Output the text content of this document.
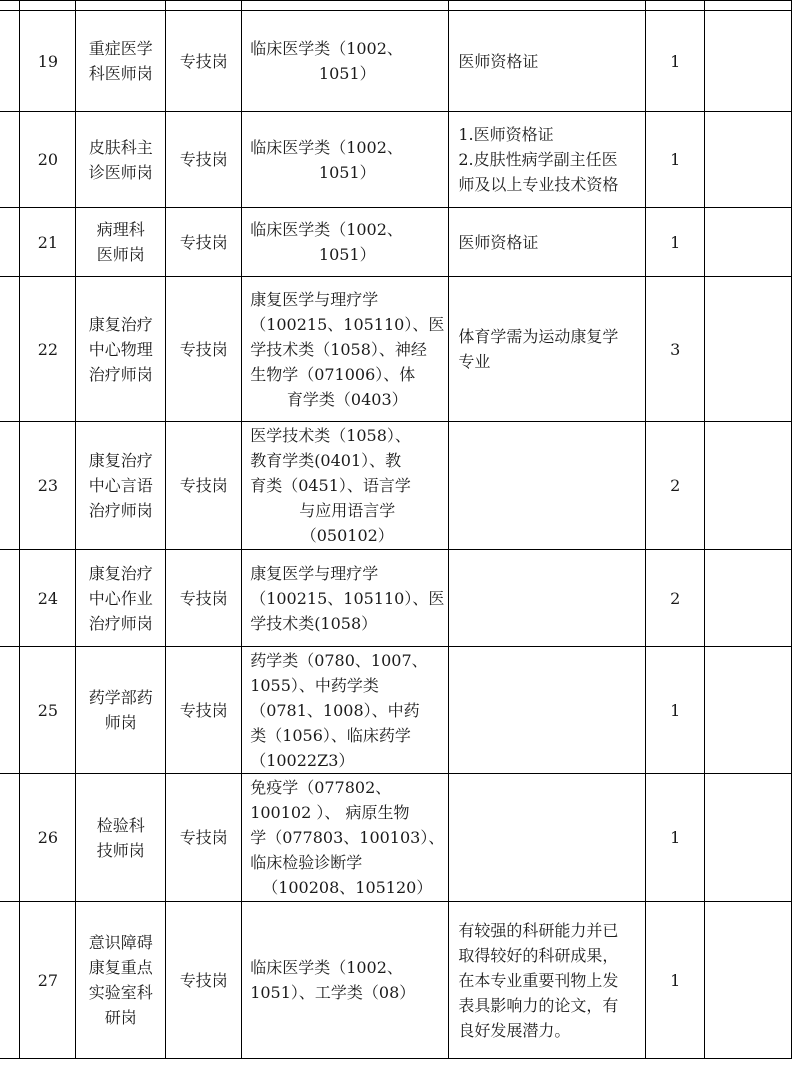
	19	重症医学
科医师岗	专技岗	临床医学类（1002、
1051）	医师资格证	1	

	20	皮肤科主
诊医师岗	专技岗	临床医学类（1002、
1051）	1.医师资格证
2.皮肤性病学副主任医
师及以上专业技术资格	1	

	21	病理科
医师岗	专技岗	临床医学类（1002、
1051）	医师资格证	1	

	22	康复治疗
中心物理
治疗师岗	专技岗	康复医学与理疗学
（100215、105110）、医
学技术类（1058）、神经
生物学（071006）、体
育学类（0403）	体育学需为运动康复学
专业	3	

	23	康复治疗
中心言语
治疗师岗	专技岗	医学技术类（1058）、
教育学类(0401）、教
育类（0451）、语言学
与应用语言学
（050102）		2	

	24	康复治疗
中心作业
治疗师岗	专技岗	康复医学与理疗学
（100215、105110）、医
学技术类(1058）		2	

	25	药学部药
师岗	专技岗	药学类（0780、1007、
1055）、中药学类
（0781、1008）、中药
类（1056）、临床药学
（10022Z3）		1	

	26	检验科
技师岗	专技岗	免疫学（077802、
100102 ）、 病原生物
学（077803、100103）、
临床检验诊断学
（100208、105120）		1	

	27	意识障碍
康复重点
实验室科
研岗	专技岗	临床医学类（1002、
1051）、工学类（08）	有较强的科研能力并已
取得较好的科研成果，
在本专业重要刊物上发
表具影响力的论文，有
良好发展潜力。	1	
